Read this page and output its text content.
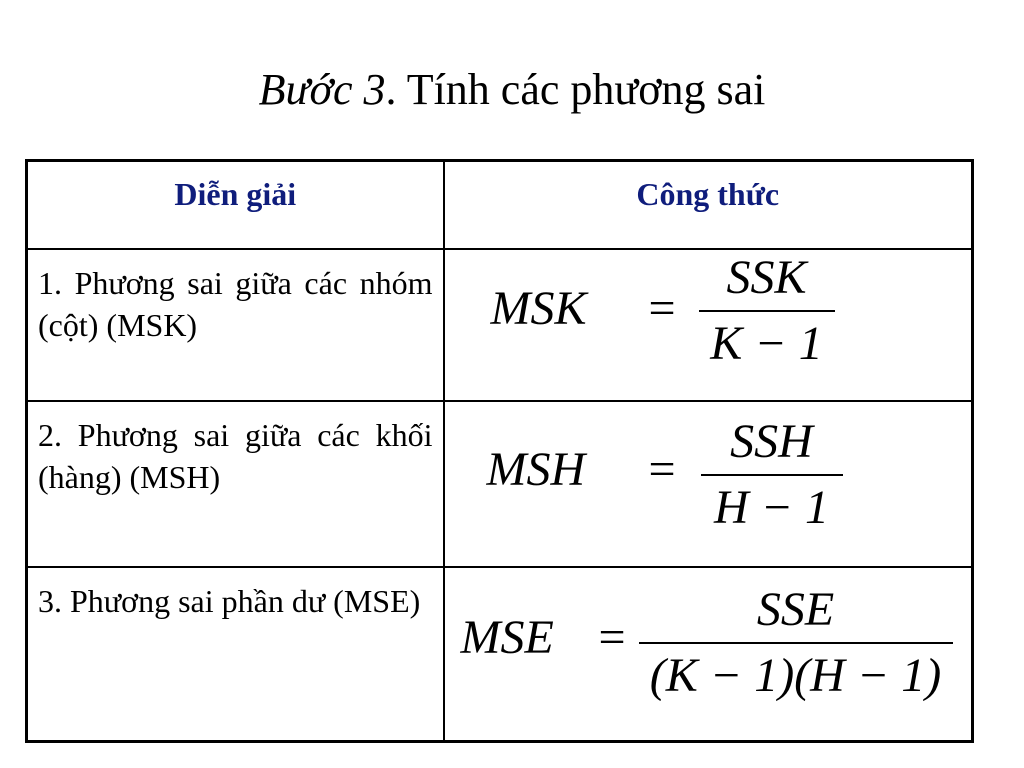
Bước 3. Tính các phương sai
Diễn giải	Công thức

1. Phương sai giữa các nhóm (cột) (MSK)	MSK =
SSK
K − 1

2. Phương sai giữa các khối (hàng) (MSH)	MSH =
SSH
H − 1

3. Phương sai phần dư (MSE)	MSE =
SSE
(K − 1)(H − 1)
